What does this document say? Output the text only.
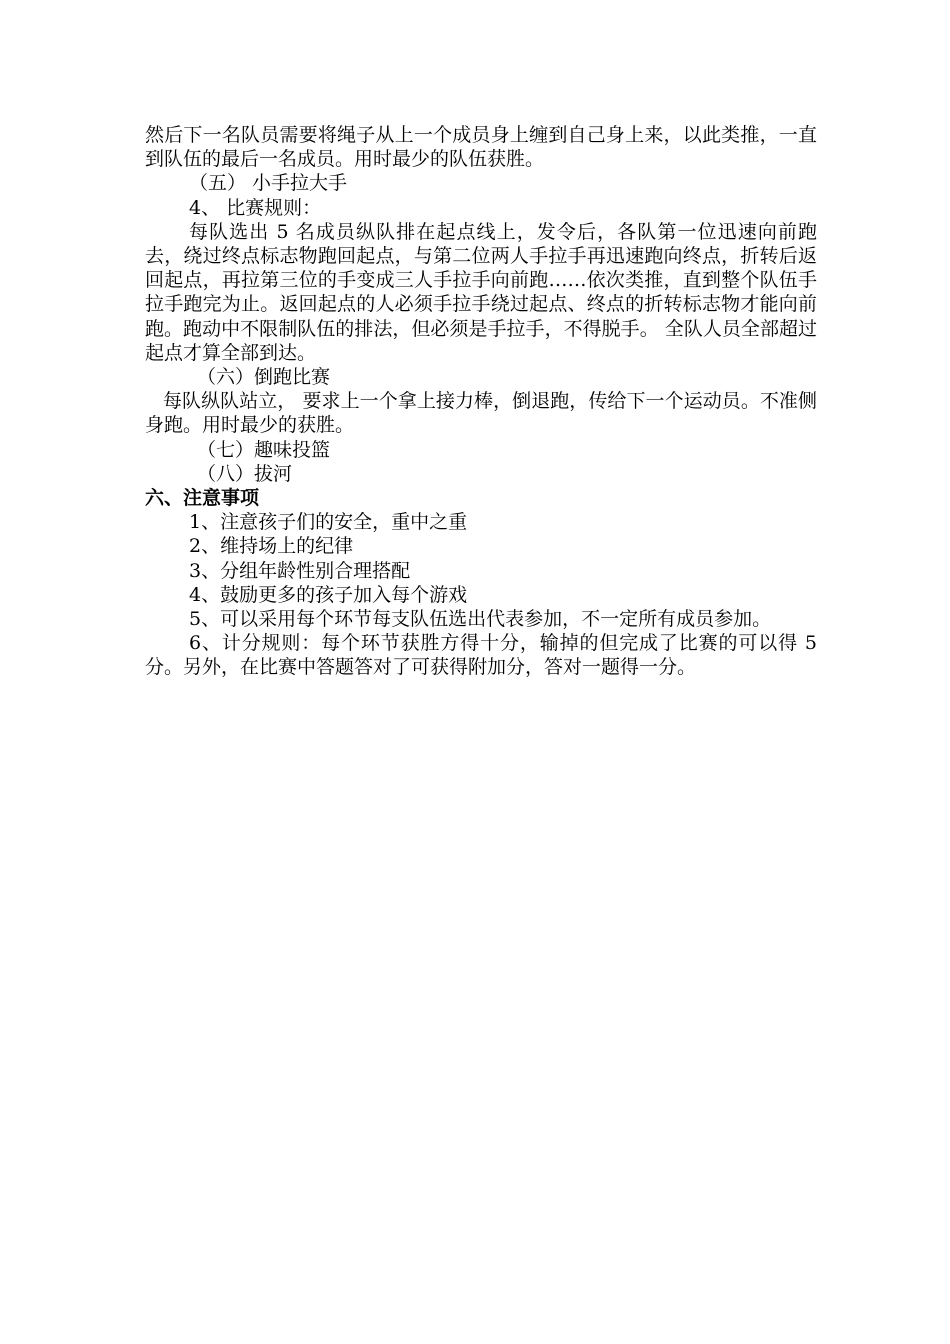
然后下一名队员需要将绳子从上一个成员身上缠到自己身上来，以此类推，一直到队伍的最后一名成员。用时最少的队伍获胜。

（五） 小手拉大手

4、 比赛规则：

每队选出 5 名成员纵队排在起点线上，发令后，各队第一位迅速向前跑去，绕过终点标志物跑回起点，与第二位两人手拉手再迅速跑向终点，折转后返回起点，再拉第三位的手变成三人手拉手向前跑……依次类推，直到整个队伍手拉手跑完为止。返回起点的人必须手拉手绕过起点、终点的折转标志物才能向前跑。跑动中不限制队伍的排法，但必须是手拉手，不得脱手。 全队人员全部超过起点才算全部到达。

（六）倒跑比赛

每队纵队站立， 要求上一个拿上接力棒，倒退跑，传给下一个运动员。不准侧身跑。用时最少的获胜。

（七）趣味投篮

（八）拔河

六、注意事项

1、注意孩子们的安全，重中之重

2、维持场上的纪律

3、分组年龄性别合理搭配

4、鼓励更多的孩子加入每个游戏

5、可以采用每个环节每支队伍选出代表参加，不一定所有成员参加。

6、计分规则：每个环节获胜方得十分，输掉的但完成了比赛的可以得 5 分。另外，在比赛中答题答对了可获得附加分，答对一题得一分。
